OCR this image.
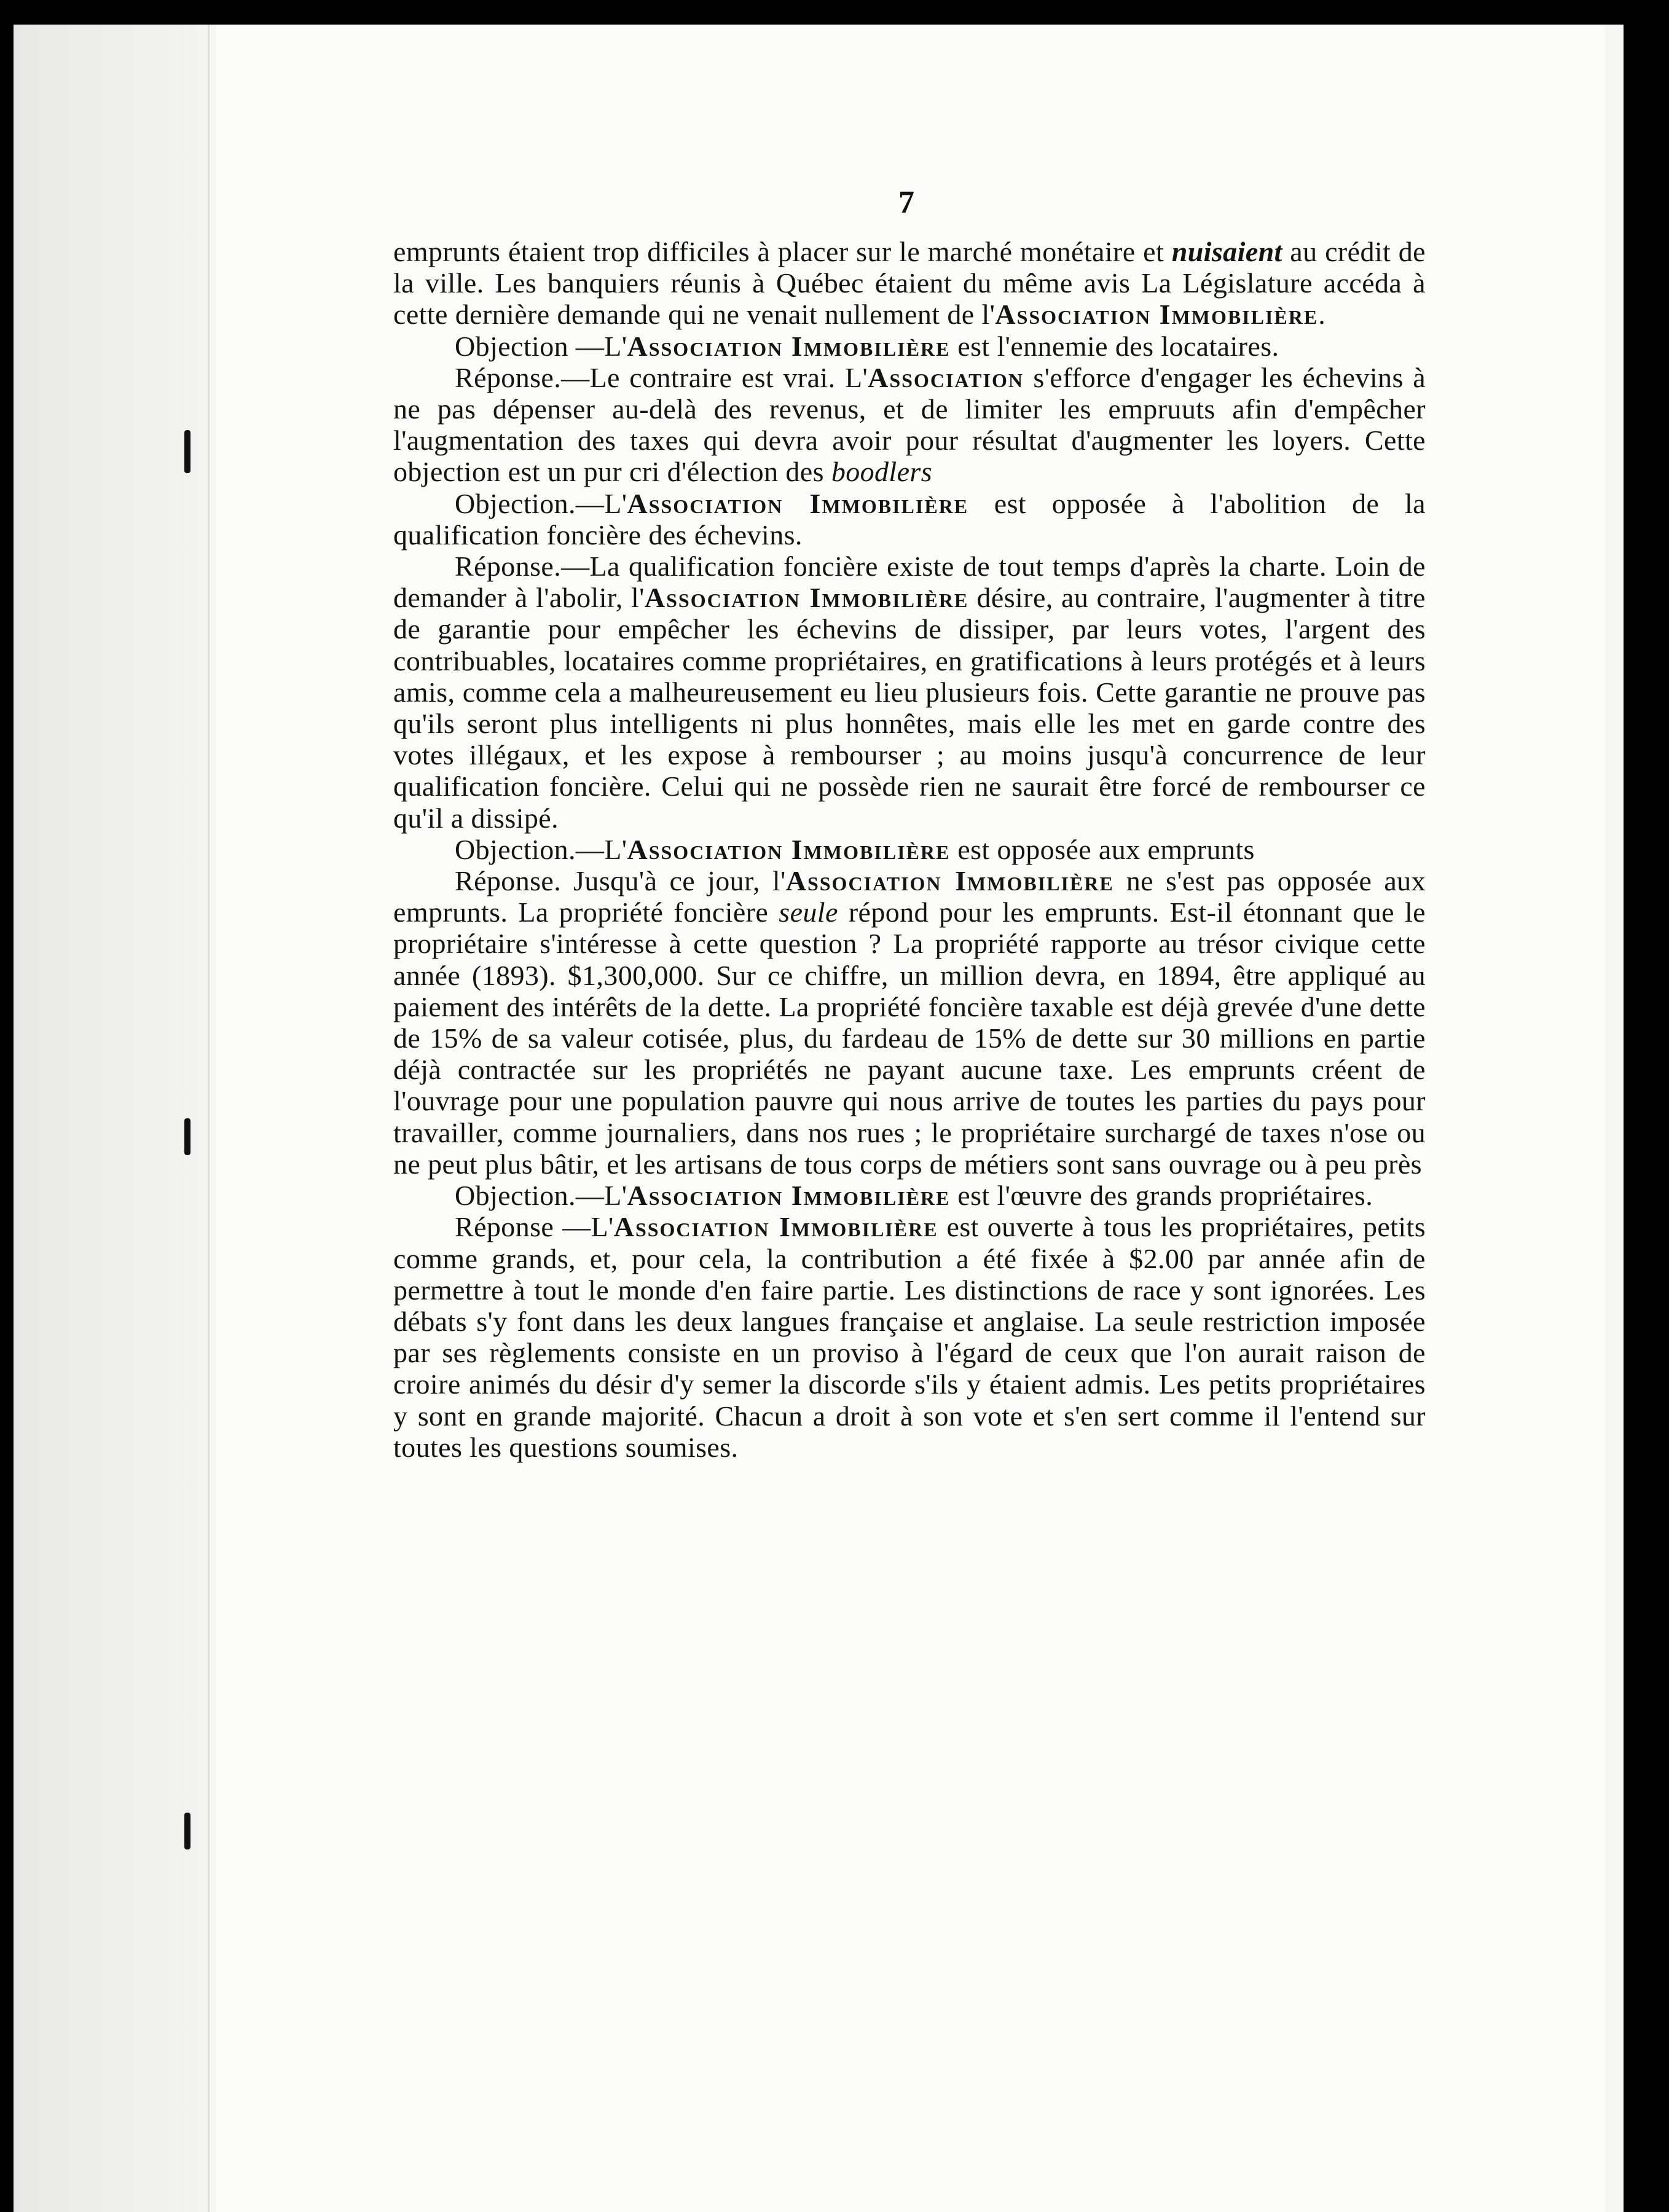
7

emprunts étaient trop difficiles à placer sur le marché monétaire et nuisaient au crédit de la ville. Les banquiers réunis à Québec étaient du même avis La Législature accéda à cette dernière demande qui ne venait nullement de l'Association Immobilière.

Objection —L'Association Immobilière est l'ennemie des locataires.

Réponse.—Le contraire est vrai. L'Association s'efforce d'engager les échevins à ne pas dépenser au-delà des revenus, et de limiter les empruuts afin d'empêcher l'augmentation des taxes qui devra avoir pour résultat d'augmenter les loyers. Cette objection est un pur cri d'élection des boodlers

Objection.—L'Association Immobilière est opposée à l'abolition de la qualification foncière des échevins.

Réponse.—La qualification foncière existe de tout temps d'après la charte. Loin de demander à l'abolir, l'Association Immobilière désire, au contraire, l'augmenter à titre de garantie pour empêcher les échevins de dissiper, par leurs votes, l'argent des contribuables, locataires comme propriétaires, en gratifications à leurs protégés et à leurs amis, comme cela a malheureusement eu lieu plusieurs fois. Cette garantie ne prouve pas qu'ils seront plus intelligents ni plus honnêtes, mais elle les met en garde contre des votes illégaux, et les expose à rembourser ; au moins jusqu'à concurrence de leur qualification foncière. Celui qui ne possède rien ne saurait être forcé de rembourser ce qu'il a dissipé.

Objection.—L'Association Immobilière est opposée aux emprunts

Réponse. Jusqu'à ce jour, l'Association Immobilière ne s'est pas opposée aux emprunts. La propriété foncière seule répond pour les emprunts. Est-il étonnant que le propriétaire s'intéresse à cette question ? La propriété rapporte au trésor civique cette année (1893). $1,300,000. Sur ce chiffre, un million devra, en 1894, être appliqué au paiement des intérêts de la dette. La propriété foncière taxable est déjà grevée d'une dette de 15% de sa valeur cotisée, plus, du fardeau de 15% de dette sur 30 millions en partie déjà contractée sur les propriétés ne payant aucune taxe. Les emprunts créent de l'ouvrage pour une population pauvre qui nous arrive de toutes les parties du pays pour travailler, comme journaliers, dans nos rues ; le propriétaire surchargé de taxes n'ose ou ne peut plus bâtir, et les artisans de tous corps de métiers sont sans ouvrage ou à peu près

Objection.—L'Association Immobilière est l'œuvre des grands propriétaires.

Réponse —L'Association Immobilière est ouverte à tous les propriétaires, petits comme grands, et, pour cela, la contribution a été fixée à $2.00 par année afin de permettre à tout le monde d'en faire partie. Les distinctions de race y sont ignorées. Les débats s'y font dans les deux langues française et anglaise. La seule restriction imposée par ses règlements consiste en un proviso à l'égard de ceux que l'on aurait raison de croire animés du désir d'y semer la discorde s'ils y étaient admis. Les petits propriétaires y sont en grande majorité. Chacun a droit à son vote et s'en sert comme il l'entend sur toutes les questions soumises.
